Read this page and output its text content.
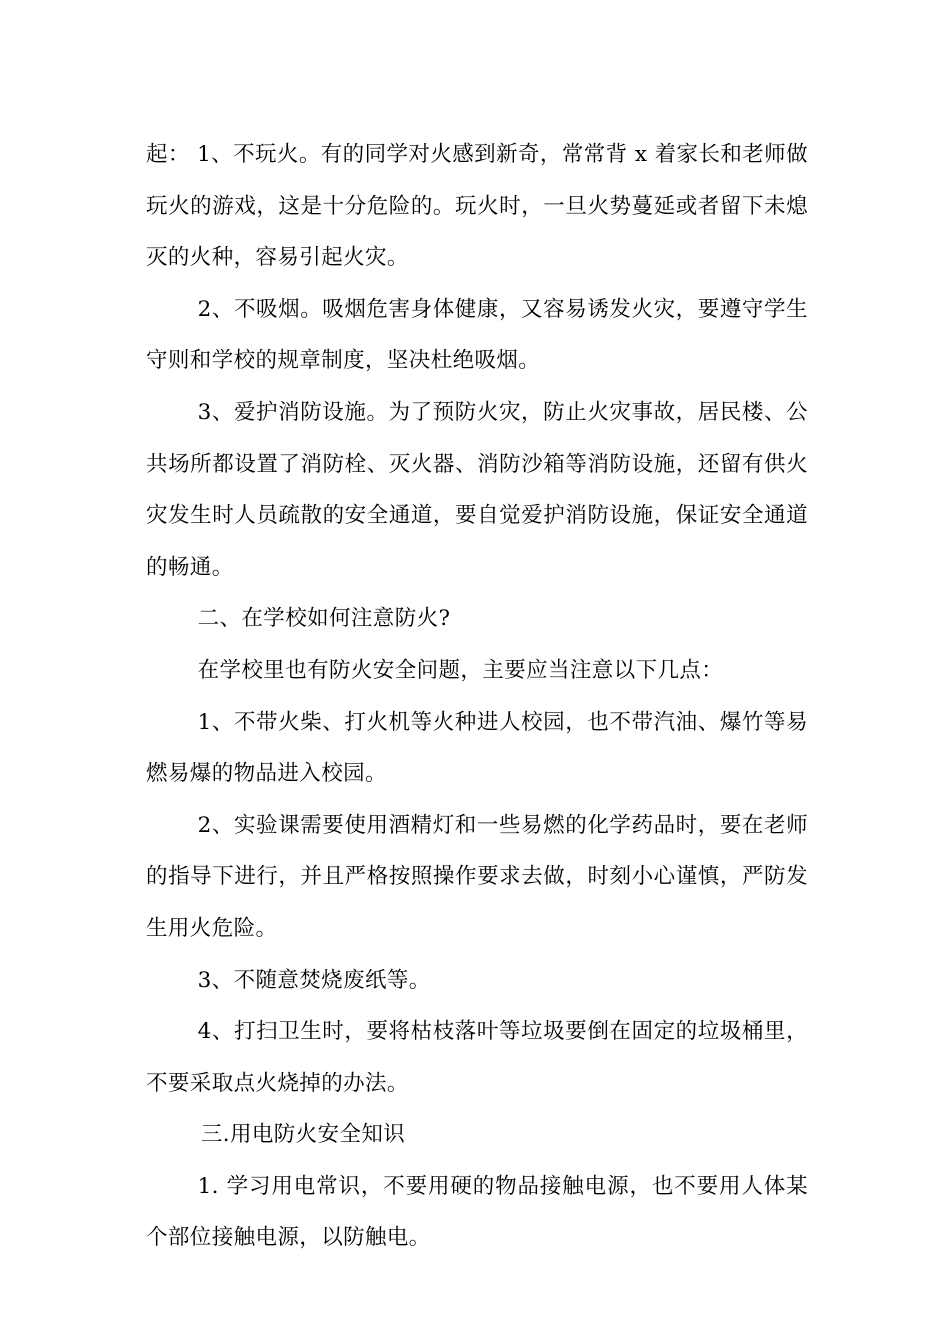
起： 1、不玩火。有的同学对火感到新奇，常常背 x 着家长和老师做玩火的游戏，这是十分危险的。玩火时，一旦火势蔓延或者留下未熄灭的火种，容易引起火灾。

2、不吸烟。吸烟危害身体健康，又容易诱发火灾，要遵守学生守则和学校的规章制度，坚决杜绝吸烟。

3、爱护消防设施。为了预防火灾，防止火灾事故，居民楼、公共场所都设置了消防栓、灭火器、消防沙箱等消防设施，还留有供火灾发生时人员疏散的安全通道，要自觉爱护消防设施，保证安全通道的畅通。

二、在学校如何注意防火?

在学校里也有防火安全问题，主要应当注意以下几点：

1、不带火柴、打火机等火种进人校园，也不带汽油、爆竹等易燃易爆的物品进入校园。

2、实验课需要使用酒精灯和一些易燃的化学药品时，要在老师的指导下进行，并且严格按照操作要求去做，时刻小心谨慎，严防发生用火危险。

3、不随意焚烧废纸等。

4、打扫卫生时，要将枯枝落叶等垃圾要倒在固定的垃圾桶里，不要采取点火烧掉的办法。

三.用电防火安全知识

1. 学习用电常识，不要用硬的物品接触电源，也不要用人体某个部位接触电源，以防触电。
